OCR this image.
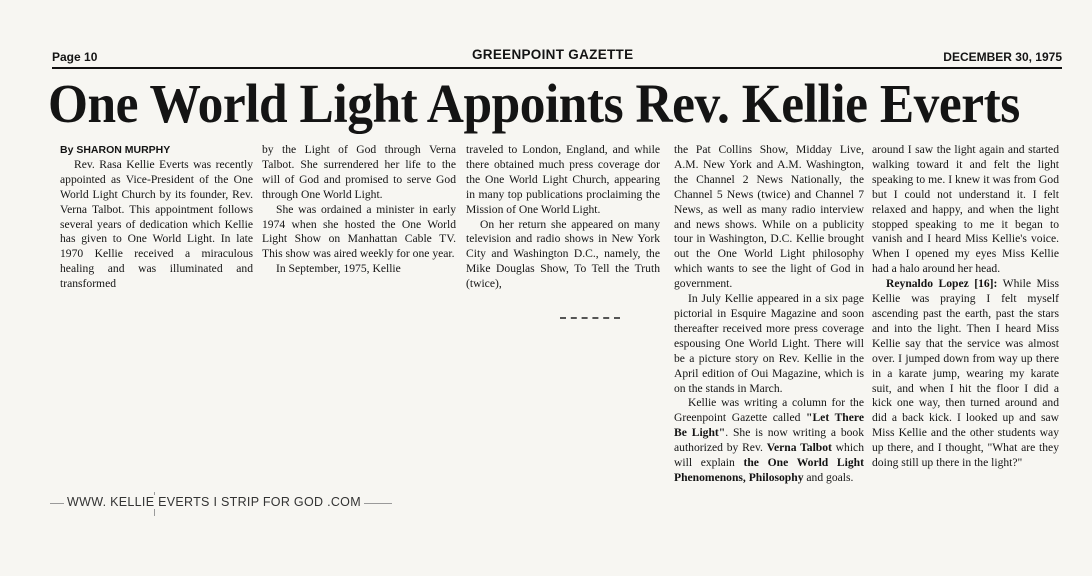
Page 10	GREENPOINT GAZETTE	DECEMBER 30, 1975
One World Light Appoints Rev. Kellie Everts

By SHARON MURPHY

Rev. Rasa Kellie Everts was recently appointed as Vice-President of the One World Light Church by its founder, Rev. Verna Talbot. This appointment follows several years of dedication which Kellie has given to One World Light. In late 1970 Kellie received a miraculous healing and was illuminated and transformed

by the Light of God through Verna Talbot. She surrendered her life to the will of God and promised to serve God through One World Light.

She was ordained a minister in early 1974 when she hosted the One World Light Show on Manhattan Cable TV. This show was aired weekly for one year.

In September, 1975, Kellie

traveled to London, England, and while there obtained much press coverage dor the One World Light Church, appearing in many top publications proclaiming the Mission of One World Light.

On her return she appeared on many television and radio shows in New York City and Washington D.C., namely, the Mike Douglas Show, To Tell the Truth (twice),

the Pat Collins Show, Midday Live, A.M. New York and A.M. Washington, the Channel 2 News Nationally, the Channel 5 News (twice) and Channel 7 News, as well as many radio interview and news shows. While on a publicity tour in Washington, D.C. Kellie brought out the One World Light philosophy which wants to see the light of God in government.

In July Kellie appeared in a six page pictorial in Esquire Magazine and soon thereafter received more press coverage espousing One World Light. There will be a picture story on Rev. Kellie in the April edition of Oui Magazine, which is on the stands in March.

Kellie was writing a column for the Greenpoint Gazette called "Let There Be Light". She is now writing a book authorized by Rev. Verna Talbot which will explain the One World Light Phenomenons, Philosophy and goals.

around I saw the light again and started walking toward it and felt the light speaking to me. I knew it was from God but I could not understand it. I felt relaxed and happy, and when the light stopped speaking to me it began to vanish and I heard Miss Kellie's voice. When I opened my eyes Miss Kellie had a halo around her head.

Reynaldo Lopez [16]: While Miss Kellie was praying I felt myself ascending past the earth, past the stars and into the light. Then I heard Miss Kellie say that the service was almost over. I jumped down from way up there in a karate jump, wearing my karate suit, and when I hit the floor I did a kick one way, then turned around and did a back kick. I looked up and saw Miss Kellie and the other students way up there, and I thought, "What are they doing still up there in the light?"

WWW. KELLIE EVERTS I STRIP FOR GOD .COM
